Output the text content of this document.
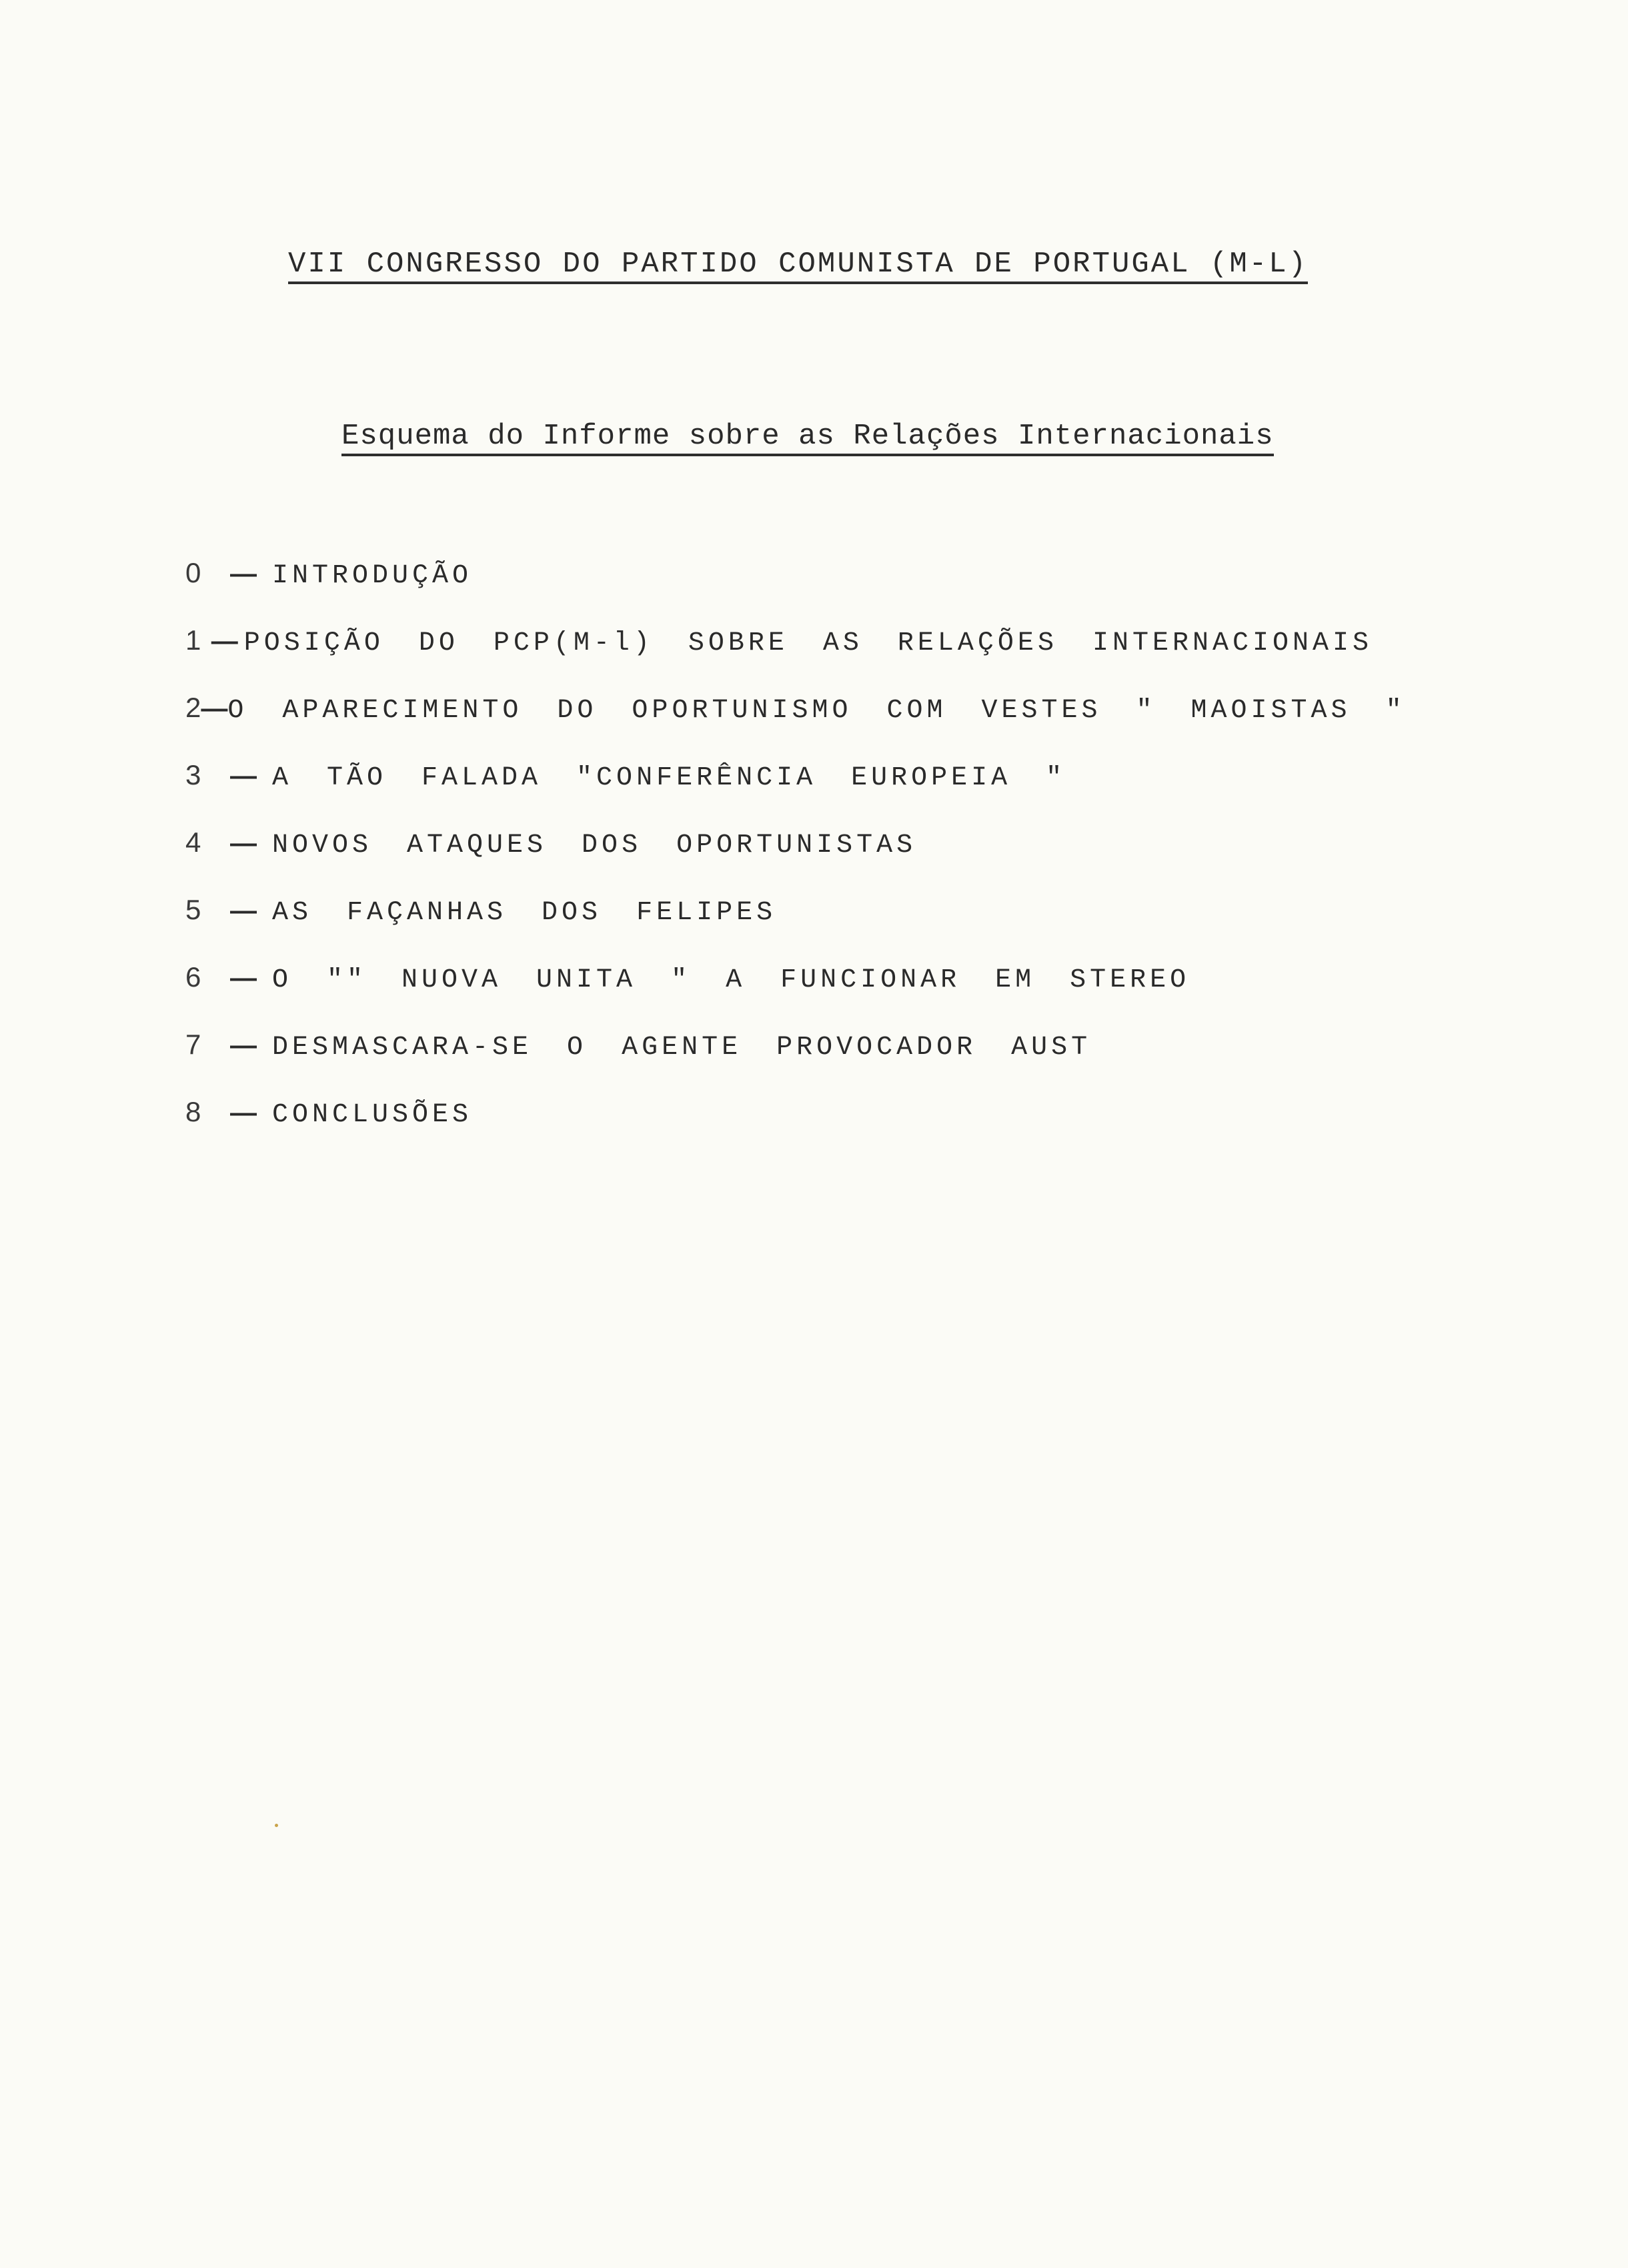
VII CONGRESSO DO PARTIDO COMUNISTA DE PORTUGAL (M-L)
Esquema do Informe sobre as Relações Internacionais
0	— INTRODUÇÃO
1 — POSIÇÃO DO PCP(M-l) SOBRE AS RELAÇÕES INTERNACIONAIS
2 — O APARECIMENTO DO OPORTUNISMO COM VESTES " MAOISTAS "
3	— A TÃO FALADA "CONFERÊNCIA EUROPEIA "
4	— NOVOS ATAQUES DOS OPORTUNISTAS
5	— AS FAÇANHAS DOS FELIPES
6	— O "" NUOVA UNITA " A FUNCIONAR EM STEREO
7	— DESMASCARA-SE O AGENTE PROVOCADOR AUST
8	— CONCLUSÕES
